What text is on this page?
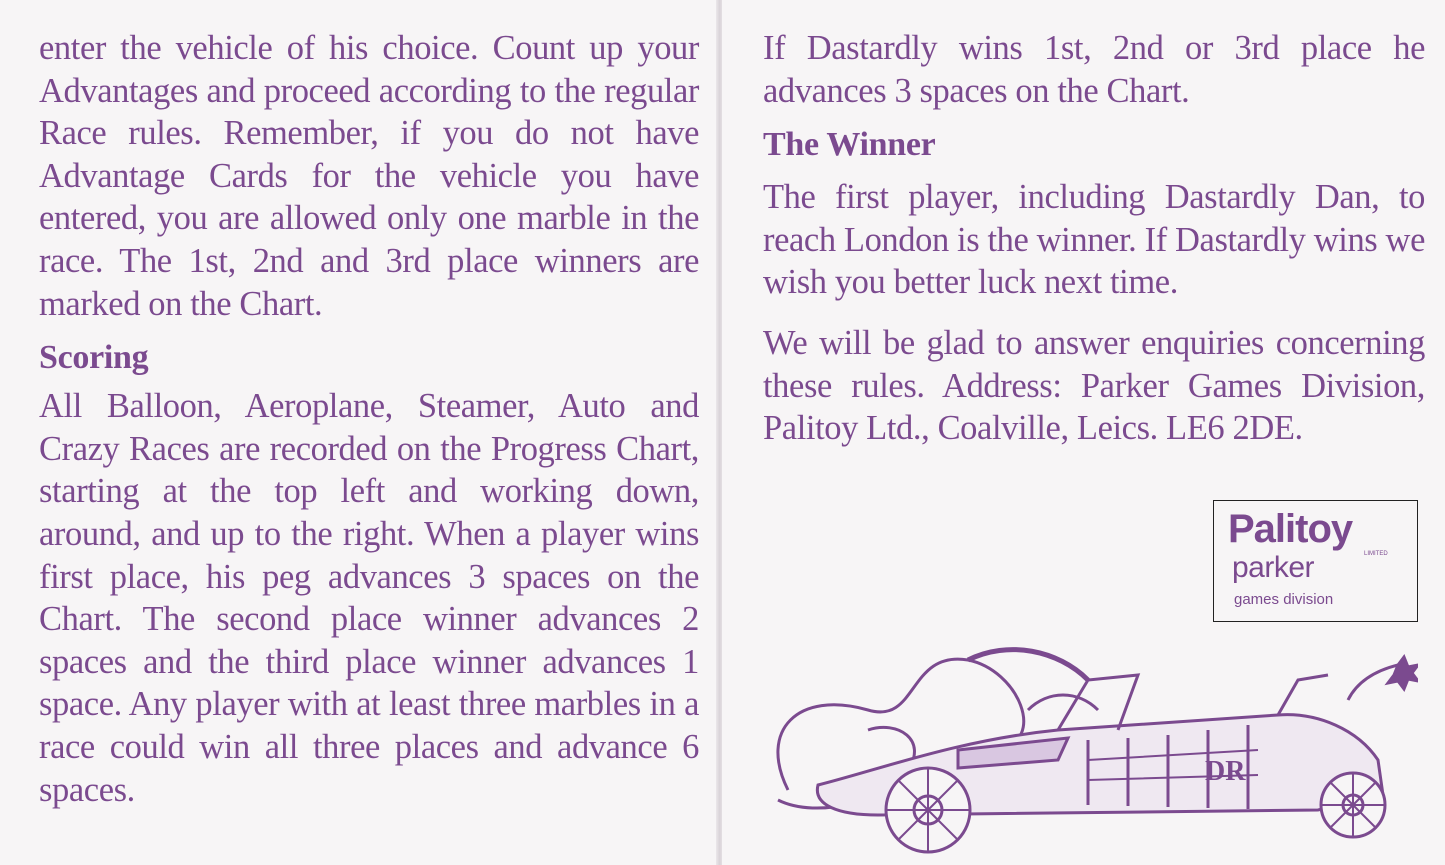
enter the vehicle of his choice. Count up your Advantages and proceed according to the regular Race rules. Remember, if you do not have Advantage Cards for the vehicle you have entered, you are allowed only one marble in the race. The 1st, 2nd and 3rd place winners are marked on the Chart.

Scoring

All Balloon, Aeroplane, Steamer, Auto and Crazy Races are recorded on the Progress Chart, starting at the top left and working down, around, and up to the right. When a player wins first place, his peg advances 3 spaces on the Chart. The second place winner advances 2 spaces and the third place winner advances 1 space. Any player with at least three marbles in a race could win all three places and advance 6 spaces.

If Dastardly wins 1st, 2nd or 3rd place he advances 3 spaces on the Chart.

The Winner

The first player, including Dastardly Dan, to reach London is the winner. If Dastardly wins we wish you better luck next time.

We will be glad to answer enquiries concerning these rules. Address: Parker Games Division, Palitoy Ltd., Coalville, Leics. LE6 2DE.

Palitoy
LIMITED
parker
games division
DR
